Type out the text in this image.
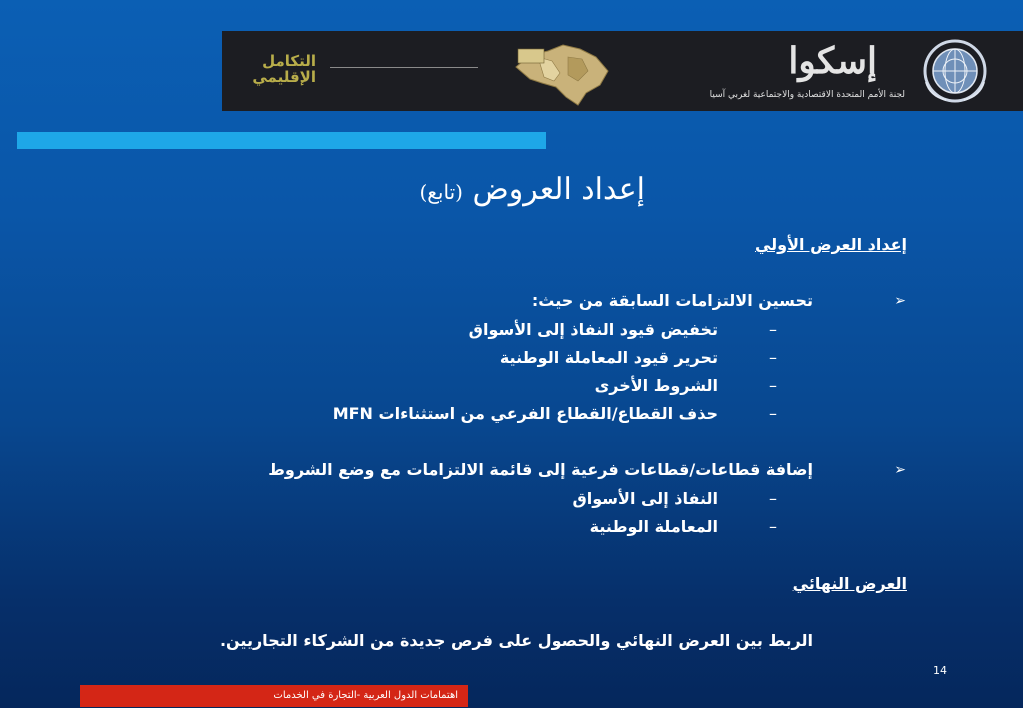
التكامل الإقليمي	إسكوا
لجنة الأمم المتحدة الاقتصادية والاجتماعية لغربي آسيا
إعداد العروض (تابع)
إعداد العرض الأولي
➢
تحسين الالتزامات السابقة من حيث:
–
تخفيض قيود النفاذ إلى الأسواق
–
تحرير قيود المعاملة الوطنية
–
الشروط الأخرى
–
حذف القطاع/القطاع الفرعي من استثناءات MFN
➢
إضافة قطاعات/قطاعات فرعية إلى قائمة الالتزامات مع وضع الشروط
–
النفاذ إلى الأسواق
–
المعاملة الوطنية
العرض النهائي
الربط بين العرض النهائي والحصول على فرص جديدة من الشركاء التجاريين.
14
اهتمامات الدول العربية -التجارة في الخدمات
